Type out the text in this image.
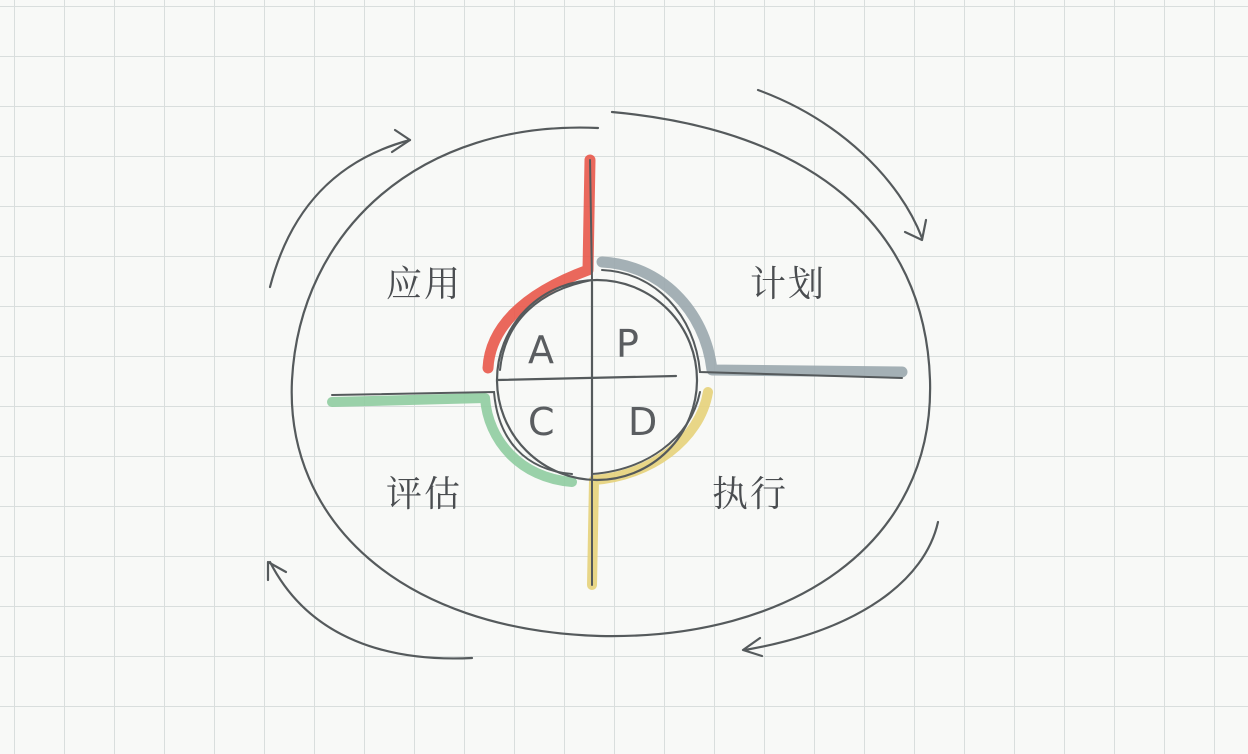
A P
C D
应用	计划
评估	执行
